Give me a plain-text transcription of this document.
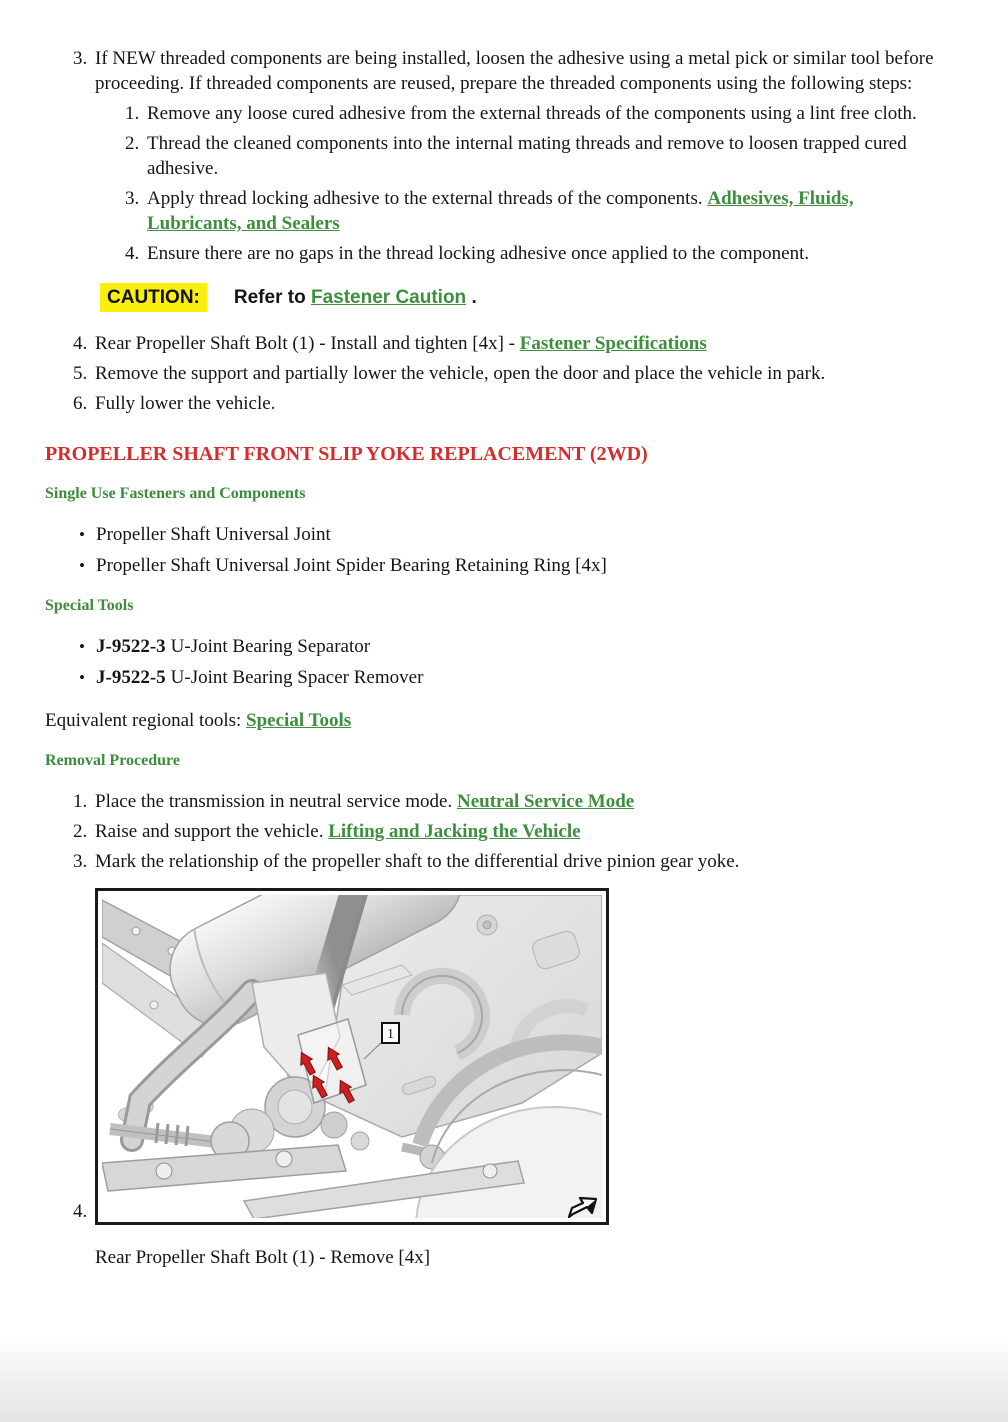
3. If NEW threaded components are being installed, loosen the adhesive using a metal pick or similar tool before proceeding. If threaded components are reused, prepare the threaded components using the following steps:
1. Remove any loose cured adhesive from the external threads of the components using a lint free cloth.
2. Thread the cleaned components into the internal mating threads and remove to loosen trapped cured adhesive.
3. Apply thread locking adhesive to the external threads of the components. Adhesives, Fluids, Lubricants, and Sealers
4. Ensure there are no gaps in the thread locking adhesive once applied to the component.
CAUTION:	Refer to Fastener Caution .
4. Rear Propeller Shaft Bolt (1) - Install and tighten [4x] - Fastener Specifications
5. Remove the support and partially lower the vehicle, open the door and place the vehicle in park.
6. Fully lower the vehicle.
PROPELLER SHAFT FRONT SLIP YOKE REPLACEMENT (2WD)
Single Use Fasteners and Components
• Propeller Shaft Universal Joint
• Propeller Shaft Universal Joint Spider Bearing Retaining Ring [4x]
Special Tools
• J-9522-3 U-Joint Bearing Separator
• J-9522-5 U-Joint Bearing Spacer Remover
Equivalent regional tools: Special Tools
Removal Procedure
1. Place the transmission in neutral service mode. Neutral Service Mode
2. Raise and support the vehicle. Lifting and Jacking the Vehicle
3. Mark the relationship of the propeller shaft to the differential drive pinion gear yoke.
4.
1
Rear Propeller Shaft Bolt (1) - Remove [4x]
